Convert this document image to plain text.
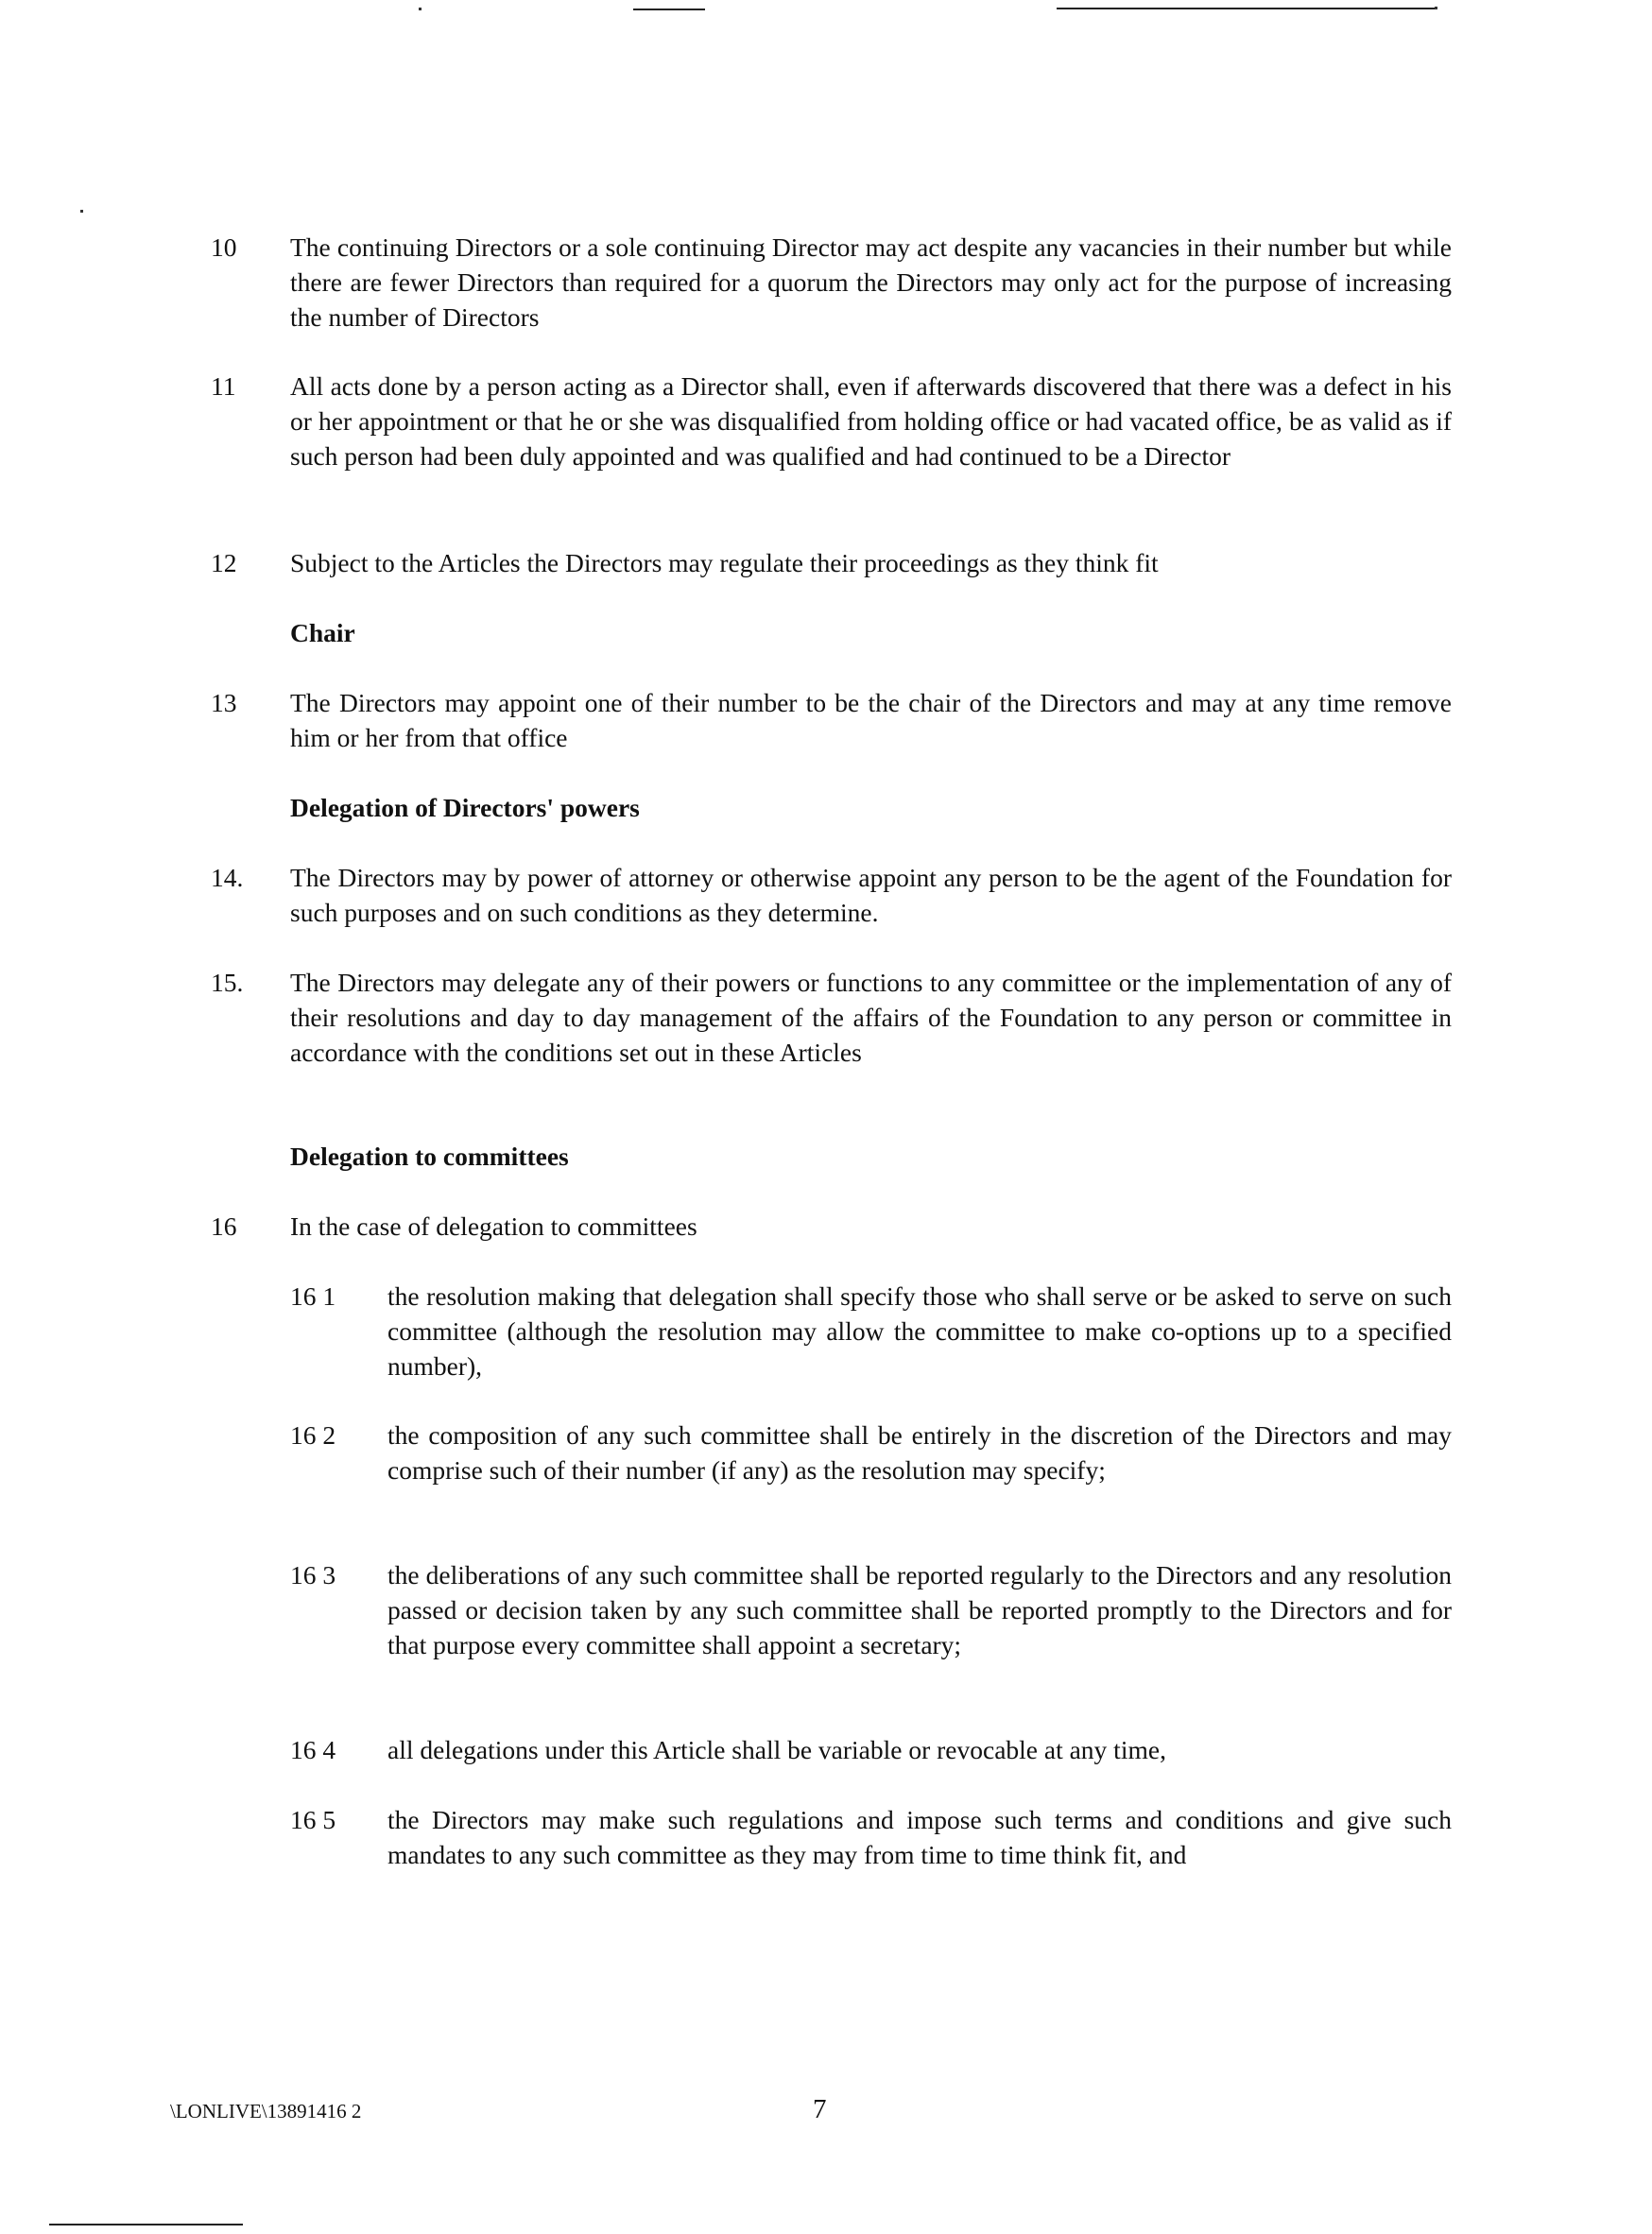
10 The continuing Directors or a sole continuing Director may act despite any vacancies in their number but while there are fewer Directors than required for a quorum the Directors may only act for the purpose of increasing the number of Directors
11 All acts done by a person acting as a Director shall, even if afterwards discovered that there was a defect in his or her appointment or that he or she was disqualified from holding office or had vacated office, be as valid as if such person had been duly appointed and was qualified and had continued to be a Director
12 Subject to the Articles the Directors may regulate their proceedings as they think fit
Chair
13 The Directors may appoint one of their number to be the chair of the Directors and may at any time remove him or her from that office
Delegation of Directors' powers
14. The Directors may by power of attorney or otherwise appoint any person to be the agent of the Foundation for such purposes and on such conditions as they determine.
15. The Directors may delegate any of their powers or functions to any committee or the implementation of any of their resolutions and day to day management of the affairs of the Foundation to any person or committee in accordance with the conditions set out in these Articles
Delegation to committees
16 In the case of delegation to committees
16 1 the resolution making that delegation shall specify those who shall serve or be asked to serve on such committee (although the resolution may allow the committee to make co-options up to a specified number),
16 2 the composition of any such committee shall be entirely in the discretion of the Directors and may comprise such of their number (if any) as the resolution may specify;
16 3 the deliberations of any such committee shall be reported regularly to the Directors and any resolution passed or decision taken by any such committee shall be reported promptly to the Directors and for that purpose every committee shall appoint a secretary;
16 4 all delegations under this Article shall be variable or revocable at any time,
16 5 the Directors may make such regulations and impose such terms and conditions and give such mandates to any such committee as they may from time to time think fit, and
\LONLIVE\13891416 2	7
